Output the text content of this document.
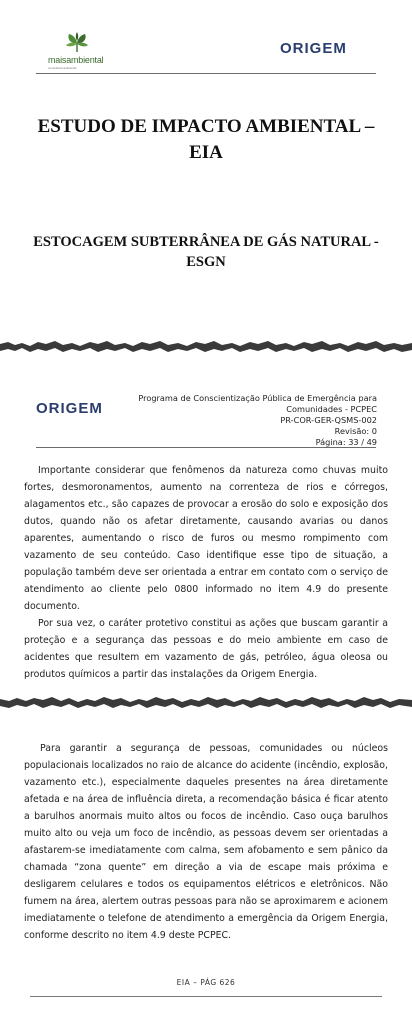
maisambiental
consultoria ambiental
ORIGEM
ESTUDO DE IMPACTO AMBIENTAL – EIA
ESTOCAGEM SUBTERRÂNEA DE GÁS NATURAL - ESGN
ORIGEM
Programa de Conscientização Pública de Emergência para
Comunidades - PCPEC
PR-COR-GER-QSMS-002
Revisão: 0
Página: 33 / 49
Importante considerar que fenômenos da natureza como chuvas muito fortes, desmoronamentos, aumento na correnteza de rios e córregos, alagamentos etc., são capazes de provocar a erosão do solo e exposição dos dutos, quando não os afetar diretamente, causando avarias ou danos aparentes, aumentando o risco de furos ou mesmo rompimento com vazamento de seu conteúdo. Caso identifique esse tipo de situação, a população também deve ser orientada a entrar em contato com o serviço de atendimento ao cliente pelo 0800 informado no item 4.9 do presente documento.
Por sua vez, o caráter protetivo constitui as ações que buscam garantir a proteção e a segurança das pessoas e do meio ambiente em caso de acidentes que resultem em vazamento de gás, petróleo, água oleosa ou produtos químicos a partir das instalações da Origem Energia.
Para garantir a segurança de pessoas, comunidades ou núcleos populacionais localizados no raio de alcance do acidente (incêndio, explosão, vazamento etc.), especialmente daqueles presentes na área diretamente afetada e na área de influência direta, a recomendação básica é ficar atento a barulhos anormais muito altos ou focos de incêndio. Caso ouça barulhos muito alto ou veja um foco de incêndio, as pessoas devem ser orientadas a afastarem-se imediatamente com calma, sem afobamento e sem pânico da chamada “zona quente” em direção a via de escape mais próxima e desligarem celulares e todos os equipamentos elétricos e eletrônicos. Não fumem na área, alertem outras pessoas para não se aproximarem e acionem imediatamente o telefone de atendimento a emergência da Origem Energia, conforme descrito no item 4.9 deste PCPEC.
EIA – PÁG 626
